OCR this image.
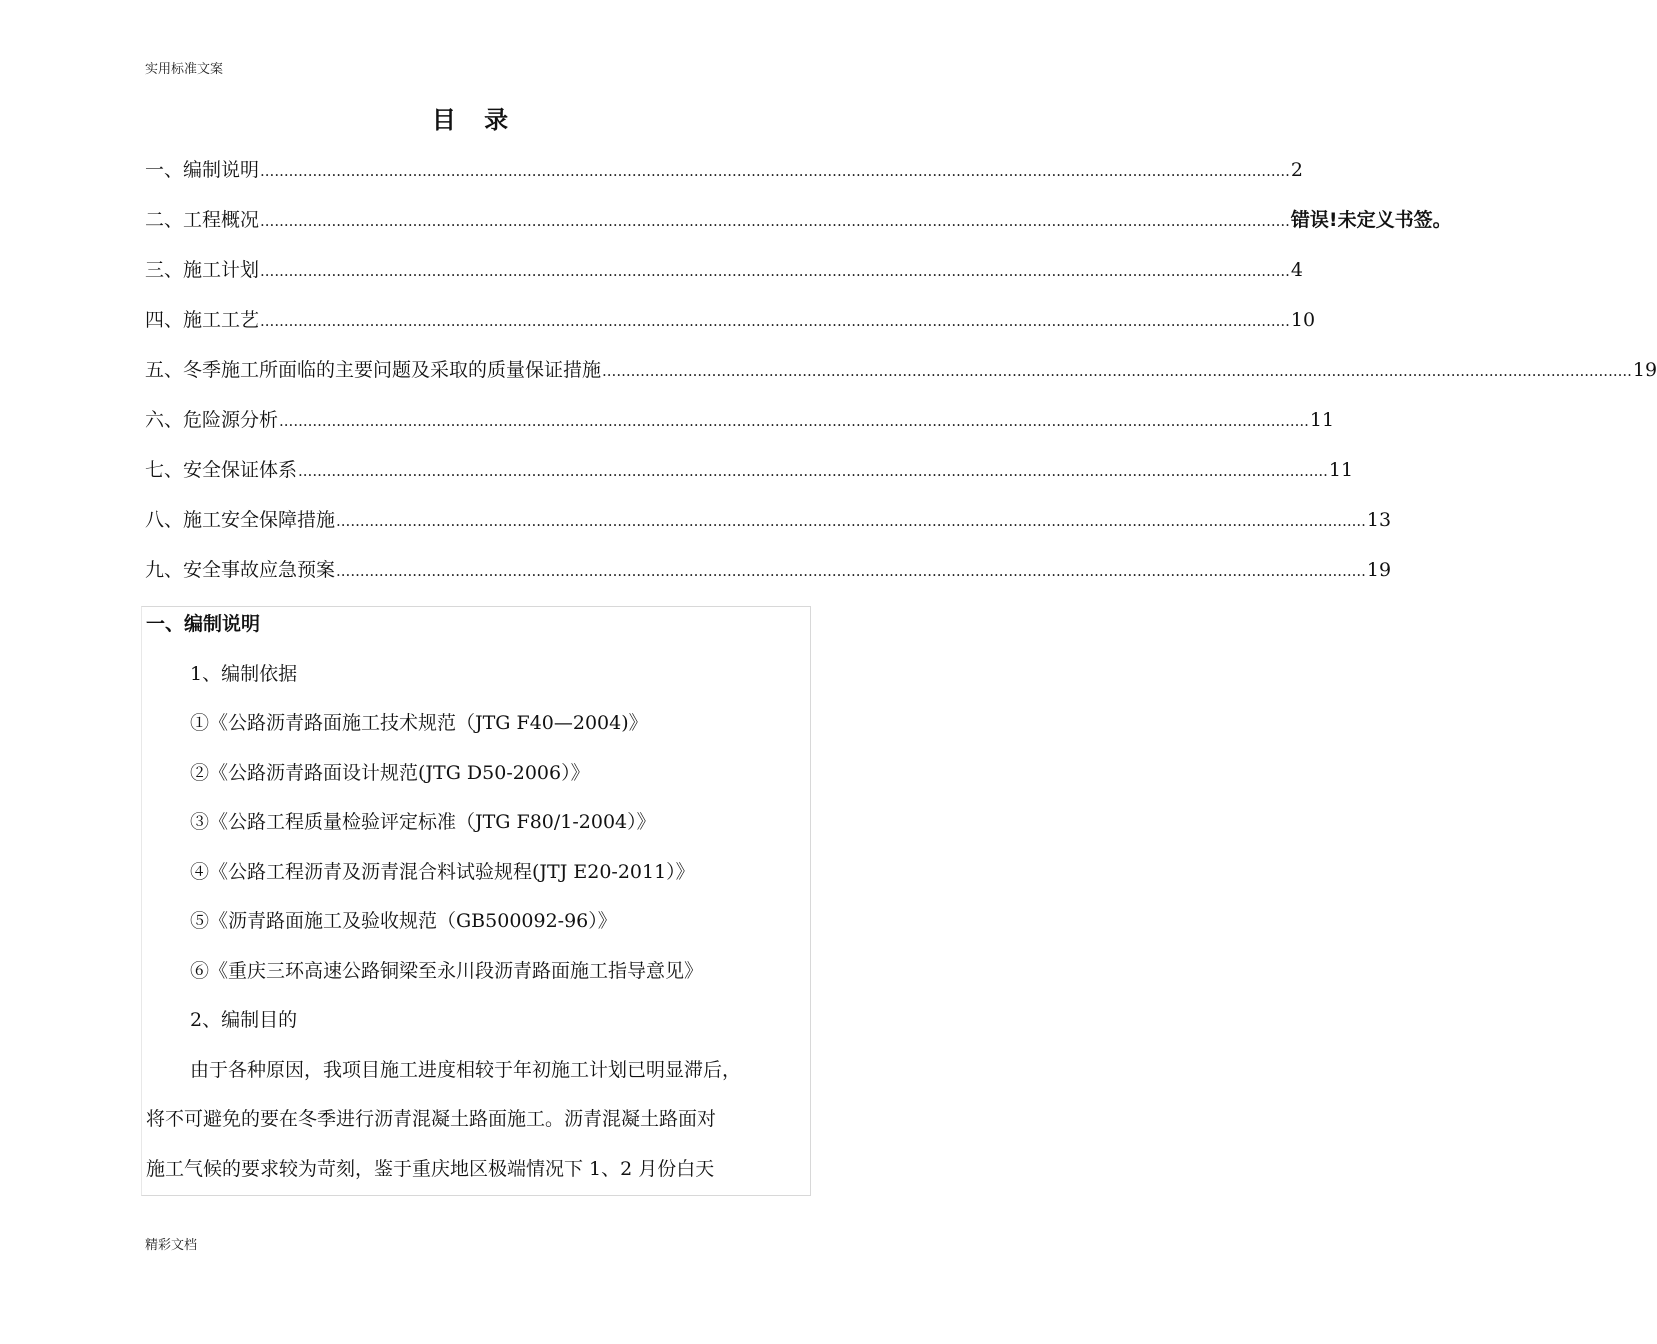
实用标准文案
目 录
一、编制说明 ........................................................................................................................................................................................................................ 2
二、工程概况 ........................................................................................................................................................................................................................ 错误!未定义书签。
三、施工计划 ........................................................................................................................................................................................................................ 4
四、施工工艺 ........................................................................................................................................................................................................................ 10
五、冬季施工所面临的主要问题及采取的质量保证措施 ........................................................................................................................................................................................................................ 19
六、危险源分析 ........................................................................................................................................................................................................................ 11
七、安全保证体系 ........................................................................................................................................................................................................................ 11
八、施工安全保障措施 ........................................................................................................................................................................................................................ 13
九、安全事故应急预案 ........................................................................................................................................................................................................................ 19
一、编制说明
1、编制依据
①《公路沥青路面施工技术规范（JTG F40—2004)》
②《公路沥青路面设计规范(JTG D50-2006）》
③《公路工程质量检验评定标准（JTG F80/1-2004）》
④《公路工程沥青及沥青混合料试验规程(JTJ E20-2011）》
⑤《沥青路面施工及验收规范（GB500092-96）》
⑥《重庆三环高速公路铜梁至永川段沥青路面施工指导意见》
2、编制目的
由于各种原因，我项目施工进度相较于年初施工计划已明显滞后，
将不可避免的要在冬季进行沥青混凝土路面施工。沥青混凝土路面对
施工气候的要求较为苛刻，鉴于重庆地区极端情况下 1、2 月份白天
精彩文档
